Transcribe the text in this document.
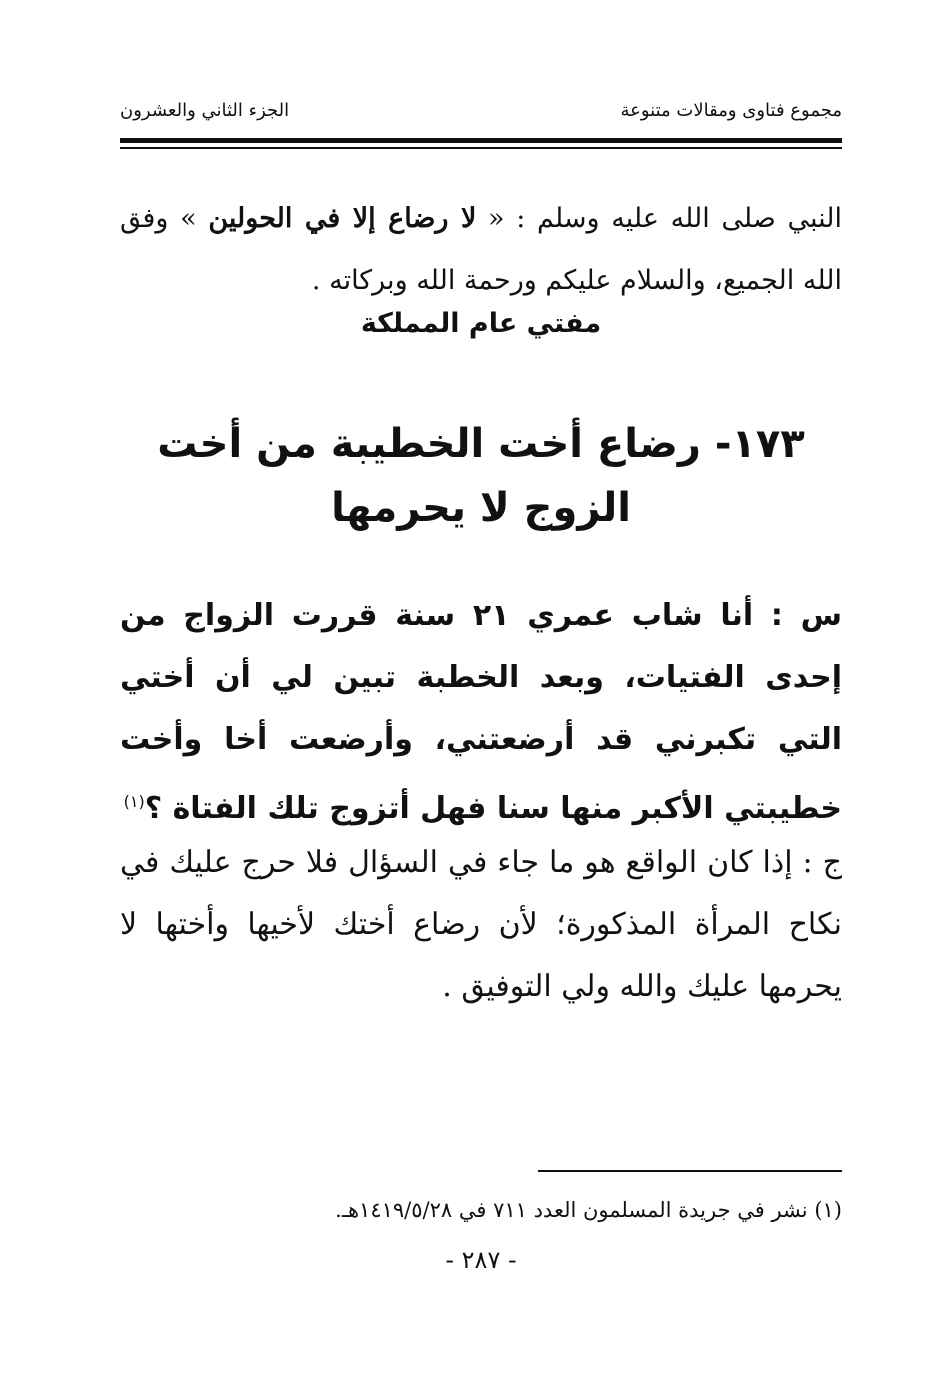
مجموع فتاوى ومقالات متنوعة
الجزء الثاني والعشرون
النبي صلى الله عليه وسلم : « لا رضاع إلا في الحولين » وفق الله الجميع، والسلام عليكم ورحمة الله وبركاته .
مفتي عام المملكة
١٧٣- رضاع أخت الخطيبة من أخت
الزوج لا يحرمها
س : أنا شاب عمري ٢١ سنة قررت الزواج من إحدى الفتيات، وبعد الخطبة تبين لي أن أختي التي تكبرني قد أرضعتني، وأرضعت أخا وأخت خطيبتي الأكبر منها سنا فهل أتزوج تلك الفتاة ؟$^{(١)}$
ج : إذا كان الواقع هو ما جاء في السؤال فلا حرج عليك في نكاح المرأة المذكورة؛ لأن رضاع أختك لأخيها وأختها لا يحرمها عليك والله ولي التوفيق .
(١) نشر في جريدة المسلمون العدد ٧١١ في ١٤١٩/٥/٢٨هـ.
- ٢٨٧ -
